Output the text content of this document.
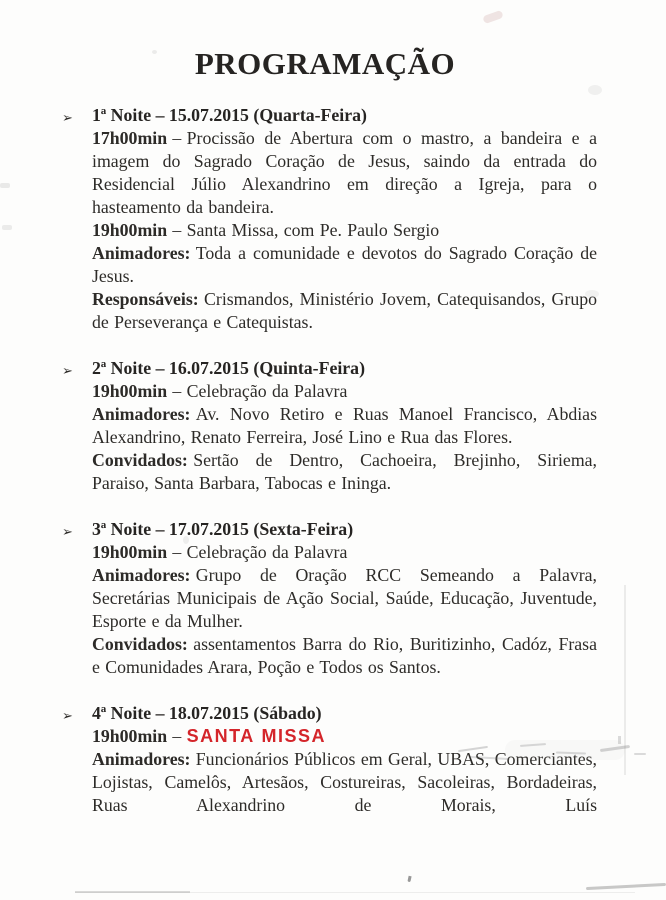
PROGRAMAÇÃO
➢ 1ª Noite – 15.07.2015 (Quarta-Feira)

17h00min – Procissão de Abertura com o mastro, a bandeira e a imagem do Sagrado Coração de Jesus, saindo da entrada do Residencial Júlio Alexandrino em direção a Igreja, para o hasteamento da bandeira.

19h00min – Santa Missa, com Pe. Paulo Sergio

Animadores: Toda a comunidade e devotos do Sagrado Coração de Jesus.

Responsáveis: Crismandos, Ministério Jovem, Catequisandos, Grupo de Perseverança e Catequistas.

➢ 2ª Noite – 16.07.2015 (Quinta-Feira)

19h00min – Celebração da Palavra

Animadores: Av. Novo Retiro e Ruas Manoel Francisco, Abdias Alexandrino, Renato Ferreira, José Lino e Rua das Flores.

Convidados: Sertão de Dentro, Cachoeira, Brejinho, Siriema, Paraiso, Santa Barbara, Tabocas e Ininga.

➢ 3ª Noite – 17.07.2015 (Sexta-Feira)

19h00min – Celebração da Palavra

Animadores: Grupo de Oração RCC Semeando a Palavra, Secretárias Municipais de Ação Social, Saúde, Educação, Juventude, Esporte e da Mulher.

Convidados: assentamentos Barra do Rio, Buritizinho, Cadóz, Frasa e Comunidades Arara, Poção e Todos os Santos.

➢ 4ª Noite – 18.07.2015 (Sábado)

19h00min – SANTA MISSA

Animadores: Funcionários Públicos em Geral, UBAS, Comerciantes, Lojistas, Camelôs, Artesãos, Costureiras, Sacoleiras, Bordadeiras, Ruas Alexandrino de Morais, Luís
